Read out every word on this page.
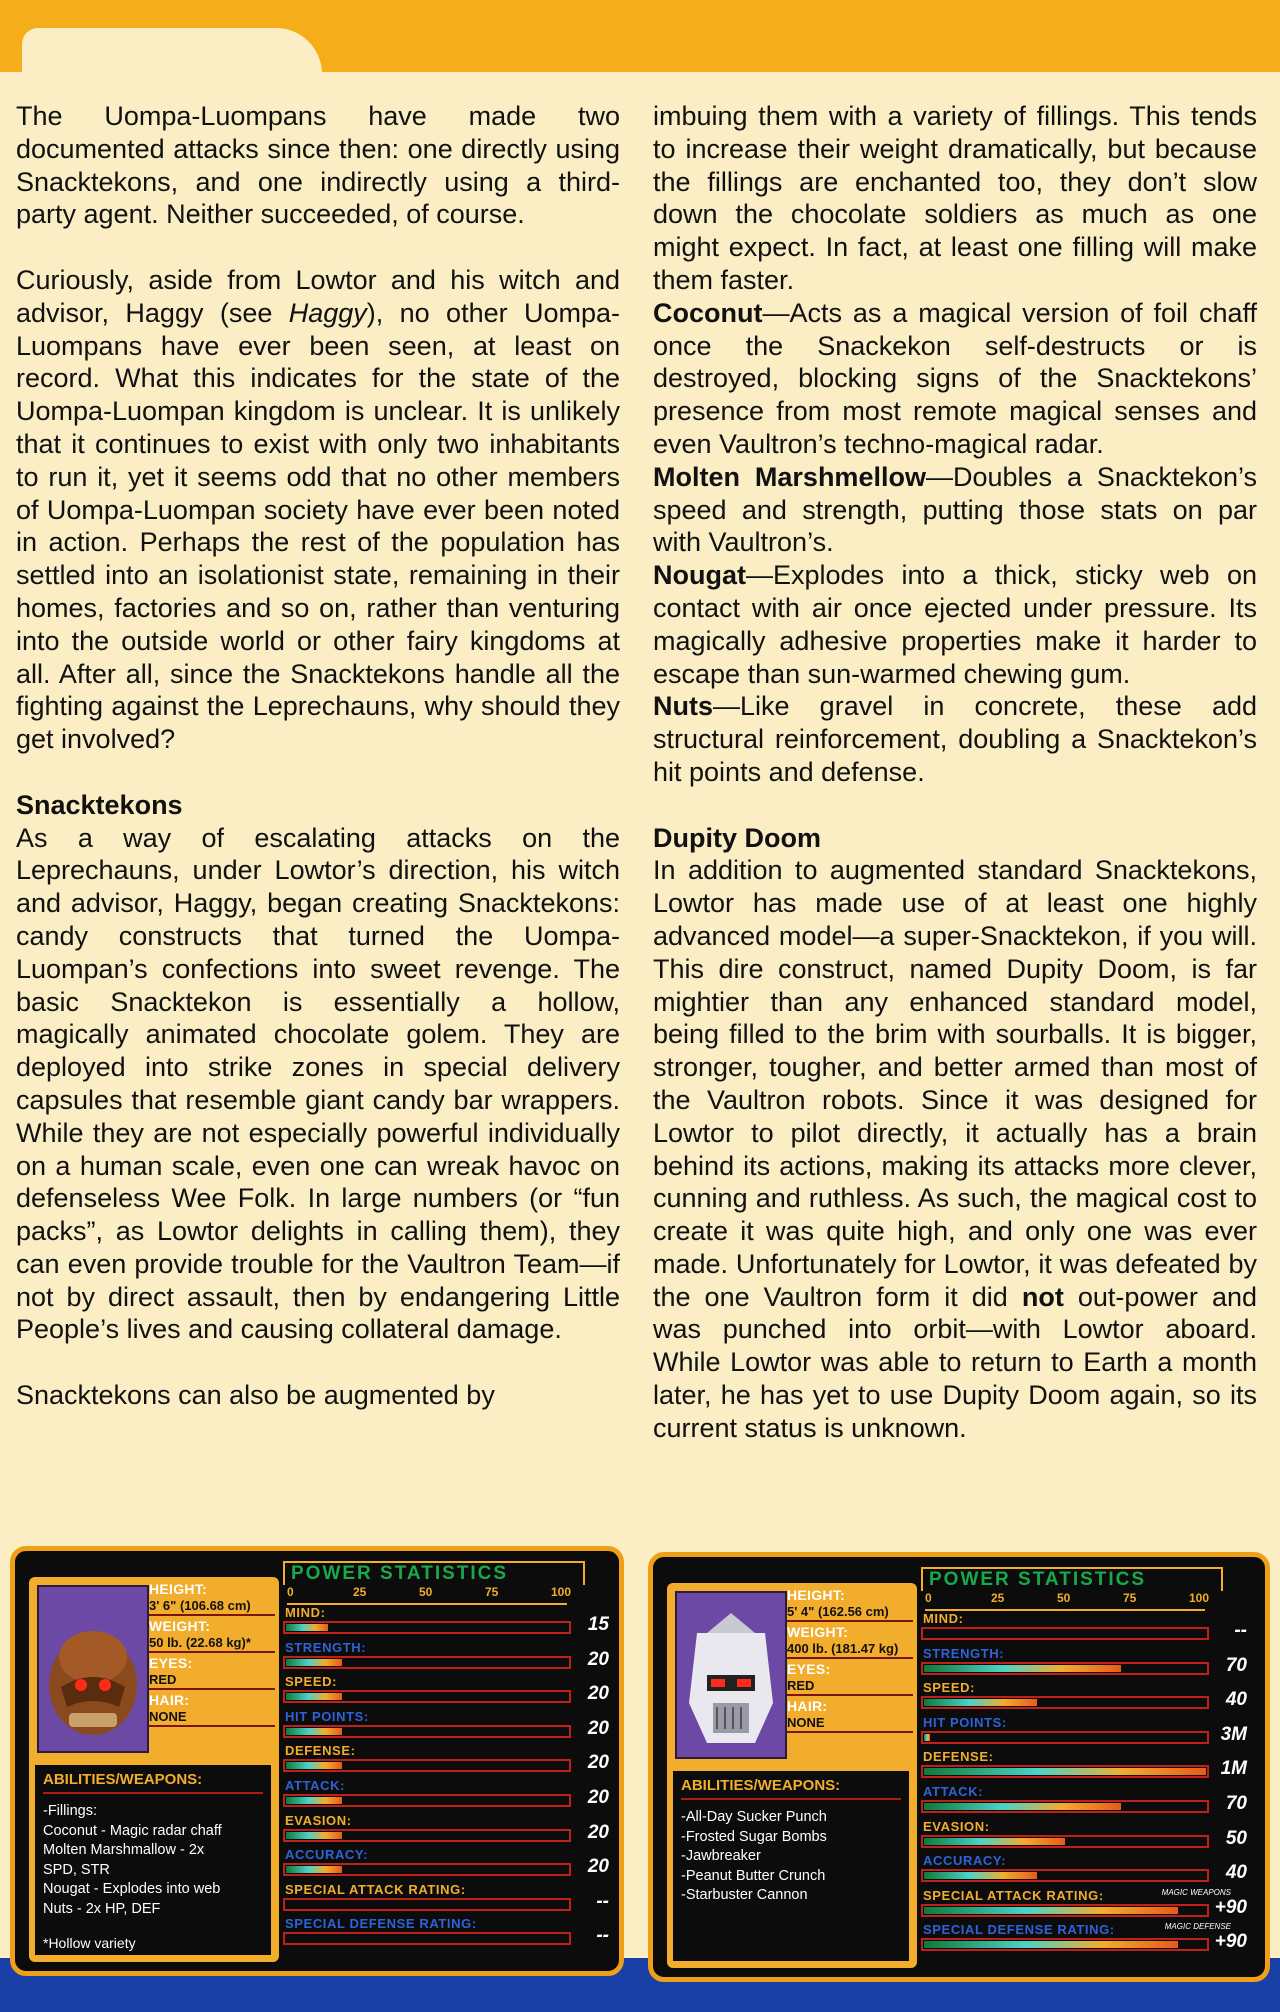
The Uompa-Luompans have made two documented attacks since then: one directly using Snacktekons, and one indirectly using a third-party agent. Neither succeeded, of course.

Curiously, aside from Lowtor and his witch and advisor, Haggy (see Haggy), no other Uompa-Luompans have ever been seen, at least on record. What this indicates for the state of the Uompa-Luompan kingdom is unclear. It is unlikely that it continues to exist with only two inhabitants to run it, yet it seems odd that no other members of Uompa-Luompan society have ever been noted in action. Perhaps the rest of the population has settled into an isolationist state, remaining in their homes, factories and so on, rather than venturing into the outside world or other fairy kingdoms at all. After all, since the Snacktekons handle all the fighting against the Leprechauns, why should they get involved?

Snacktekons

As a way of escalating attacks on the Leprechauns, under Lowtor’s direction, his witch and advisor, Haggy, began creating Snacktekons: candy constructs that turned the Uompa-Luompan’s confections into sweet revenge. The basic Snacktekon is essentially a hollow, magically animated chocolate golem. They are deployed into strike zones in special delivery capsules that resemble giant candy bar wrappers. While they are not especially powerful individually on a human scale, even one can wreak havoc on defenseless Wee Folk. In large numbers (or “fun packs”, as Lowtor delights in calling them), they can even provide trouble for the Vaultron Team—if not by direct assault, then by endangering Little People’s lives and causing collateral damage.

Snacktekons can also be augmented by

imbuing them with a variety of fillings. This tends to increase their weight dramatically, but because the fillings are enchanted too, they don’t slow down the chocolate soldiers as much as one might expect. In fact, at least one filling will make them faster.

Coconut—Acts as a magical version of foil chaff once the Snackekon self-destructs or is destroyed, blocking signs of the Snacktekons’ presence from most remote magical senses and even Vaultron’s techno-magical radar.

Molten Marshmellow—Doubles a Snacktekon’s speed and strength, putting those stats on par with Vaultron’s.

Nougat—Explodes into a thick, sticky web on contact with air once ejected under pressure. Its magically adhesive properties make it harder to escape than sun-warmed chewing gum.

Nuts—Like gravel in concrete, these add structural reinforcement, doubling a Snacktekon’s hit points and defense.

Dupity Doom

In addition to augmented standard Snacktekons, Lowtor has made use of at least one highly advanced model—a super-Snacktekon, if you will. This dire construct, named Dupity Doom, is far mightier than any enhanced standard model, being filled to the brim with sourballs. It is bigger, stronger, tougher, and better armed than most of the Vaultron robots. Since it was designed for Lowtor to pilot directly, it actually has a brain behind its actions, making its attacks more clever, cunning and ruthless. As such, the magical cost to create it was quite high, and only one was ever made. Unfortunately for Lowtor, it was defeated by the one Vaultron form it did not out-power and was punched into orbit—with Lowtor aboard. While Lowtor was able to return to Earth a month later, he has yet to use Dupity Doom again, so its current status is unknown.

HEIGHT:
3' 6" (106.68 cm)
WEIGHT:
50 lb. (22.68 kg)*
EYES:
RED
HAIR:
NONE
ABILITIES/WEAPONS:
-Fillings:
Coconut - Magic radar chaff
Molten Marshmallow - 2x
SPD, STR
Nougat - Explodes into web
Nuts - 2x HP, DEF
*Hollow variety
POWER STATISTICS
0	25	50	75	100
MIND:
15
STRENGTH:
20
SPEED:
20
HIT POINTS:
20
DEFENSE:
20
ATTACK:
20
EVASION:
20
ACCURACY:
20
SPECIAL ATTACK RATING:
--
SPECIAL DEFENSE RATING:
--
HEIGHT:
5' 4" (162.56 cm)
WEIGHT:
400 lb. (181.47 kg)
EYES:
RED
HAIR:
NONE
ABILITIES/WEAPONS:
-All-Day Sucker Punch
-Frosted Sugar Bombs
-Jawbreaker
-Peanut Butter Crunch
-Starbuster Cannon
POWER STATISTICS
0	25	50	75	100
MIND:
--
STRENGTH:
70
SPEED:
40
HIT POINTS:
3M
DEFENSE:
1M
ATTACK:
70
EVASION:
50
ACCURACY:
40
SPECIAL ATTACK RATING:	MAGIC WEAPONS
+90
SPECIAL DEFENSE RATING:	MAGIC DEFENSE
+90
